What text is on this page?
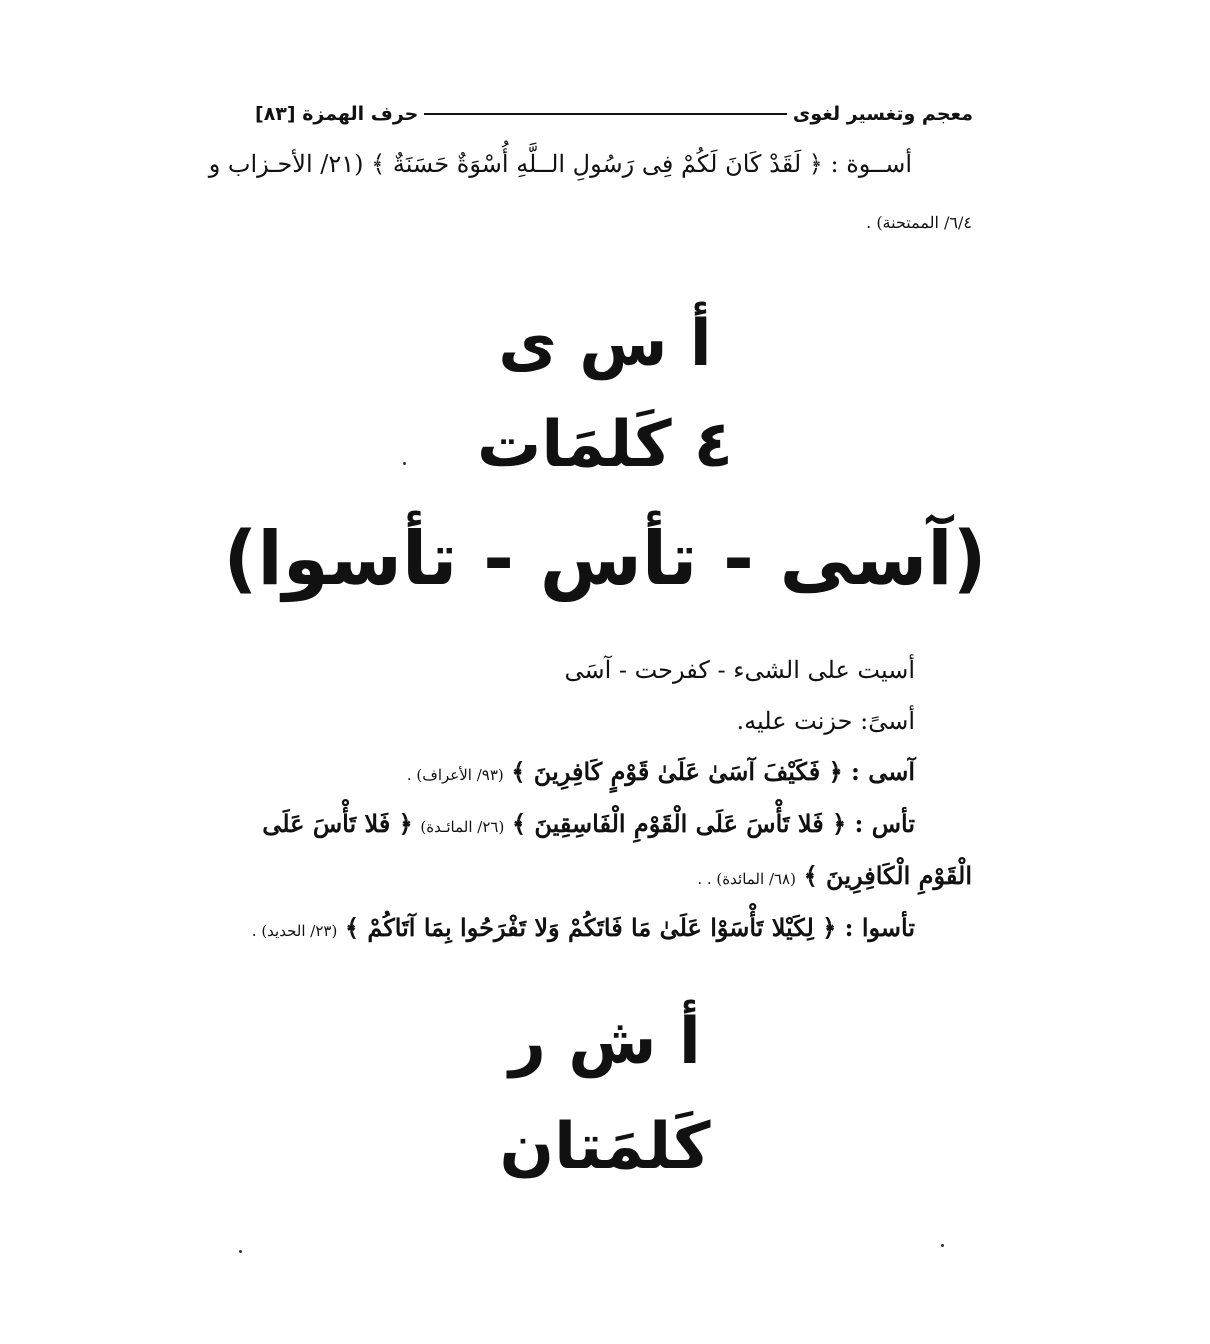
معجم وتغسير لغوى
حرف الهمزة [٨٣]
أســوة : ﴿ لَقَدْ كَانَ لَكُمْ فِى رَسُولِ الــلَّهِ أُسْوَةٌ حَسَنَةٌ ﴾ (٢١/ الأحـزاب و
٦/٤/ الممتحنة) .
أ س ى
٤ كَلمَات
(آسى - تأس - تأسوا)
أسيت على الشىء - كفرحت - آسَى
أسىً: حزنت عليه.
آسى : ﴿ فَكَيْفَ آسَىٰ عَلَىٰ قَوْمٍ كَافِرِينَ ﴾ (٩٣/ الأعراف) .
تأس : ﴿ فَلا تَأْسَ عَلَى الْقَوْمِ الْفَاسِقِينَ ﴾ (٢٦/ المائـدة) ﴿ فَلا تَأْسَ عَلَى
الْقَوْمِ الْكَافِرِينَ ﴾ (٦٨/ المائدة) . .
تأسوا : ﴿ لِكَيْلا تَأْسَوْا عَلَىٰ مَا فَاتَكُمْ وَلا تَفْرَحُوا بِمَا آتَاكُمْ ﴾ (٢٣/ الحديد) .
أ ش ر
كَلمَتان
